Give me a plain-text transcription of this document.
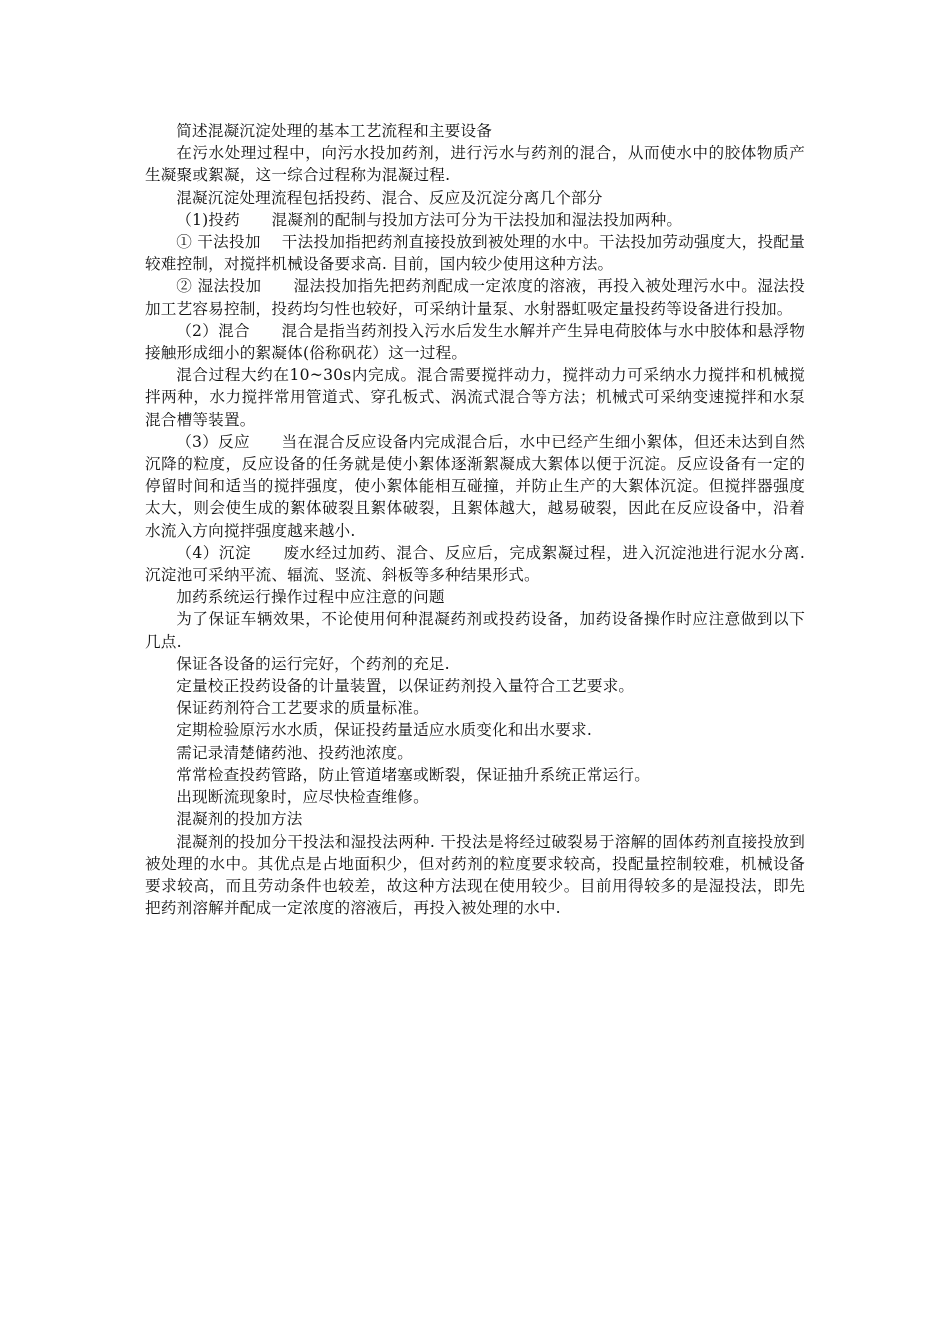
简述混凝沉淀处理的基本工艺流程和主要设备

在污水处理过程中，向污水投加药剂，进行污水与药剂的混合，从而使水中的胶体物质产生凝聚或絮凝，这一综合过程称为混凝过程.

混凝沉淀处理流程包括投药、混合、反应及沉淀分离几个部分

（1)投药　　混凝剂的配制与投加方法可分为干法投加和湿法投加两种。

① 干法投加　 干法投加指把药剂直接投放到被处理的水中。干法投加劳动强度大，投配量较难控制，对搅拌机械设备要求高. 目前，国内较少使用这种方法。

② 湿法投加　　湿法投加指先把药剂配成一定浓度的溶液，再投入被处理污水中。湿法投加工艺容易控制，投药均匀性也较好，可采纳计量泵、水射器虹吸定量投药等设备进行投加。

（2）混合　　混合是指当药剂投入污水后发生水解并产生异电荷胶体与水中胶体和悬浮物接触形成细小的絮凝体(俗称矾花）这一过程。

混合过程大约在10~30s内完成。混合需要搅拌动力，搅拌动力可采纳水力搅拌和机械搅拌两种，水力搅拌常用管道式、穿孔板式、涡流式混合等方法；机械式可采纳变速搅拌和水泵混合槽等装置。

（3）反应　　当在混合反应设备内完成混合后，水中已经产生细小絮体，但还未达到自然沉降的粒度，反应设备的任务就是使小絮体逐渐絮凝成大絮体以便于沉淀。反应设备有一定的停留时间和适当的搅拌强度，使小絮体能相互碰撞，并防止生产的大絮体沉淀。但搅拌器强度太大，则会使生成的絮体破裂且絮体破裂，且絮体越大，越易破裂，因此在反应设备中，沿着水流入方向搅拌强度越来越小.

（4）沉淀　　废水经过加药、混合、反应后，完成絮凝过程，进入沉淀池进行泥水分离. 沉淀池可采纳平流、辐流、竖流、斜板等多种结果形式。

加药系统运行操作过程中应注意的问题

为了保证车辆效果，不论使用何种混凝药剂或投药设备，加药设备操作时应注意做到以下几点.

保证各设备的运行完好，个药剂的充足.

定量校正投药设备的计量装置，以保证药剂投入量符合工艺要求。

保证药剂符合工艺要求的质量标准。

定期检验原污水水质，保证投药量适应水质变化和出水要求.

需记录清楚储药池、投药池浓度。

常常检查投药管路，防止管道堵塞或断裂，保证抽升系统正常运行。

出现断流现象时，应尽快检查维修。

混凝剂的投加方法

混凝剂的投加分干投法和湿投法两种. 干投法是将经过破裂易于溶解的固体药剂直接投放到被处理的水中。其优点是占地面积少，但对药剂的粒度要求较高，投配量控制较难，机械设备要求较高，而且劳动条件也较差，故这种方法现在使用较少。目前用得较多的是湿投法，即先把药剂溶解并配成一定浓度的溶液后，再投入被处理的水中.
